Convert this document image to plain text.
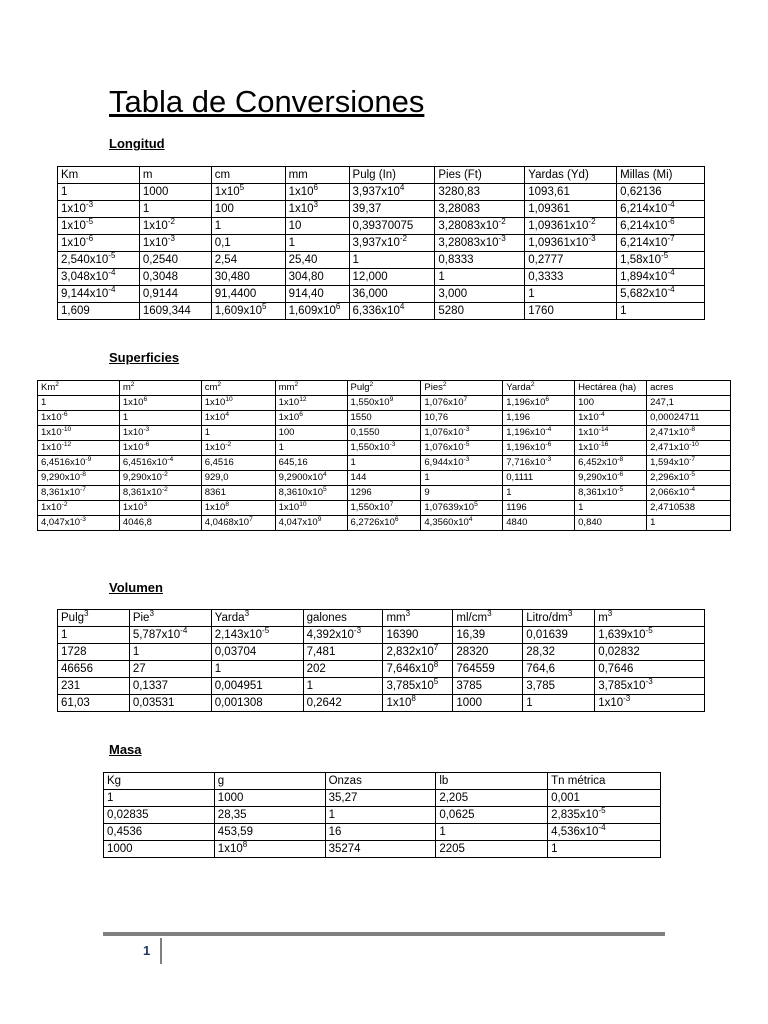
Tabla de Conversiones
Longitud
Km	m	cm	mm	Pulg (In)	Pies (Ft)	Yardas (Yd)	Millas (Mi)
1	1000	$1x10^5$	$1x10^6$	$3,937x10^4$	3280,83	1093,61	0,62136
$1x10^{-3}$	1	100	$1x10^3$	39,37	3,28083	1,09361	$6,214x10^{-4}$
$1x10^{-5}$	$1x10^{-2}$	1	10	0,39370075	$3,28083x10^{-2}$	$1,09361x10^{-2}$	$6,214x10^{-6}$
$1x10^{-6}$	$1x10^{-3}$	0,1	1	$3,937x10^{-2}$	$3,28083x10^{-3}$	$1,09361x10^{-3}$	$6,214x10^{-7}$
$2,540x10^{-5}$	0,2540	2,54	25,40	1	0,8333	0,2777	$1,58x10^{-5}$
$3,048x10^{-4}$	0,3048	30,480	304,80	12,000	1	0,3333	$1,894x10^{-4}$
$9,144x10^{-4}$	0,9144	91,4400	914,40	36,000	3,000	1	$5,682x10^{-4}$
1,609	1609,344	$1,609x10^5$	$1,609x10^6$	$6,336x10^4$	5280	1760	1
Superficies
Km$^2$	$m^2$	$cm^2$	$mm^2$	Pulg$^2$	Pies$^2$	Yarda$^2$	Hectárea (ha)	acres
1	$1x10^6$	$1x10^{10}$	$1x10^{12}$	$1,550x10^9$	$1,076x10^7$	$1,196x10^6$	100	247,1
$1x10^{-6}$	1	$1x10^4$	$1x10^6$	1550	10,76	1,196	$1x10^{-4}$	0,00024711
$1x10^{-10}$	$1x10^{-3}$	1	100	0,1550	$1,076x10^{-3}$	$1,196x10^{-4}$	$1x10^{-14}$	$2,471x10^{-8}$
$1x10^{-12}$	$1x10^{-6}$	$1x10^{-2}$	1	$1,550x10^{-3}$	$1,076x10^{-5}$	$1,196x10^{-6}$	$1x10^{-16}$	$2,471x10^{-10}$
$6,4516x10^{-9}$	$6,4516x10^{-4}$	6,4516	645,16	1	$6,944x10^{-3}$	$7,716x10^{-3}$	$6,452x10^{-8}$	$1,594x10^{-7}$
$9,290x10^{-8}$	$9,290x10^{-2}$	929,0	$9,2900x10^4$	144	1	0,1111	$9,290x10^{-6}$	$2,296x10^{-5}$
$8,361x10^{-7}$	$8,361x10^{-2}$	8361	$8,3610x10^5$	1296	9	1	$8,361x10^{-5}$	$2,066x10^{-4}$
$1x10^{-2}$	$1x10^3$	$1x10^8$	$1x10^{10}$	$1,550x10^7$	$1,07639x10^5$	1196	1	2,4710538
$4,047x10^{-3}$	4046,8	$4,0468x10^7$	$4,047x10^9$	$6,2726x10^6$	$4,3560x10^4$	4840	0,840	1
Volumen
Pulg$^3$	Pie$^3$	Yarda$^3$	galones	$mm^3$	$ml/cm^3$	Litro/$dm^3$	$m^3$
1	$5,787x10^{-4}$	$2,143x10^{-5}$	$4,392x10^{-3}$	16390	16,39	0,01639	$1,639x10^{-5}$
1728	1	0,03704	7,481	$2,832x10^7$	28320	28,32	0,02832
46656	27	1	202	$7,646x10^8$	764559	764,6	0,7646
231	0,1337	0,004951	1	$3,785x10^5$	3785	3,785	$3,785x10^{-3}$
61,03	0,03531	0,001308	0,2642	$1x10^8$	1000	1	$1x10^{-3}$
Masa
Kg	g	Onzas	lb	Tn métrica
1	1000	35,27	2,205	0,001
0,02835	28,35	1	0,0625	$2,835x10^{-5}$
0,4536	453,59	16	1	$4,536x10^{-4}$
1000	$1x10^8$	35274	2205	1
1
